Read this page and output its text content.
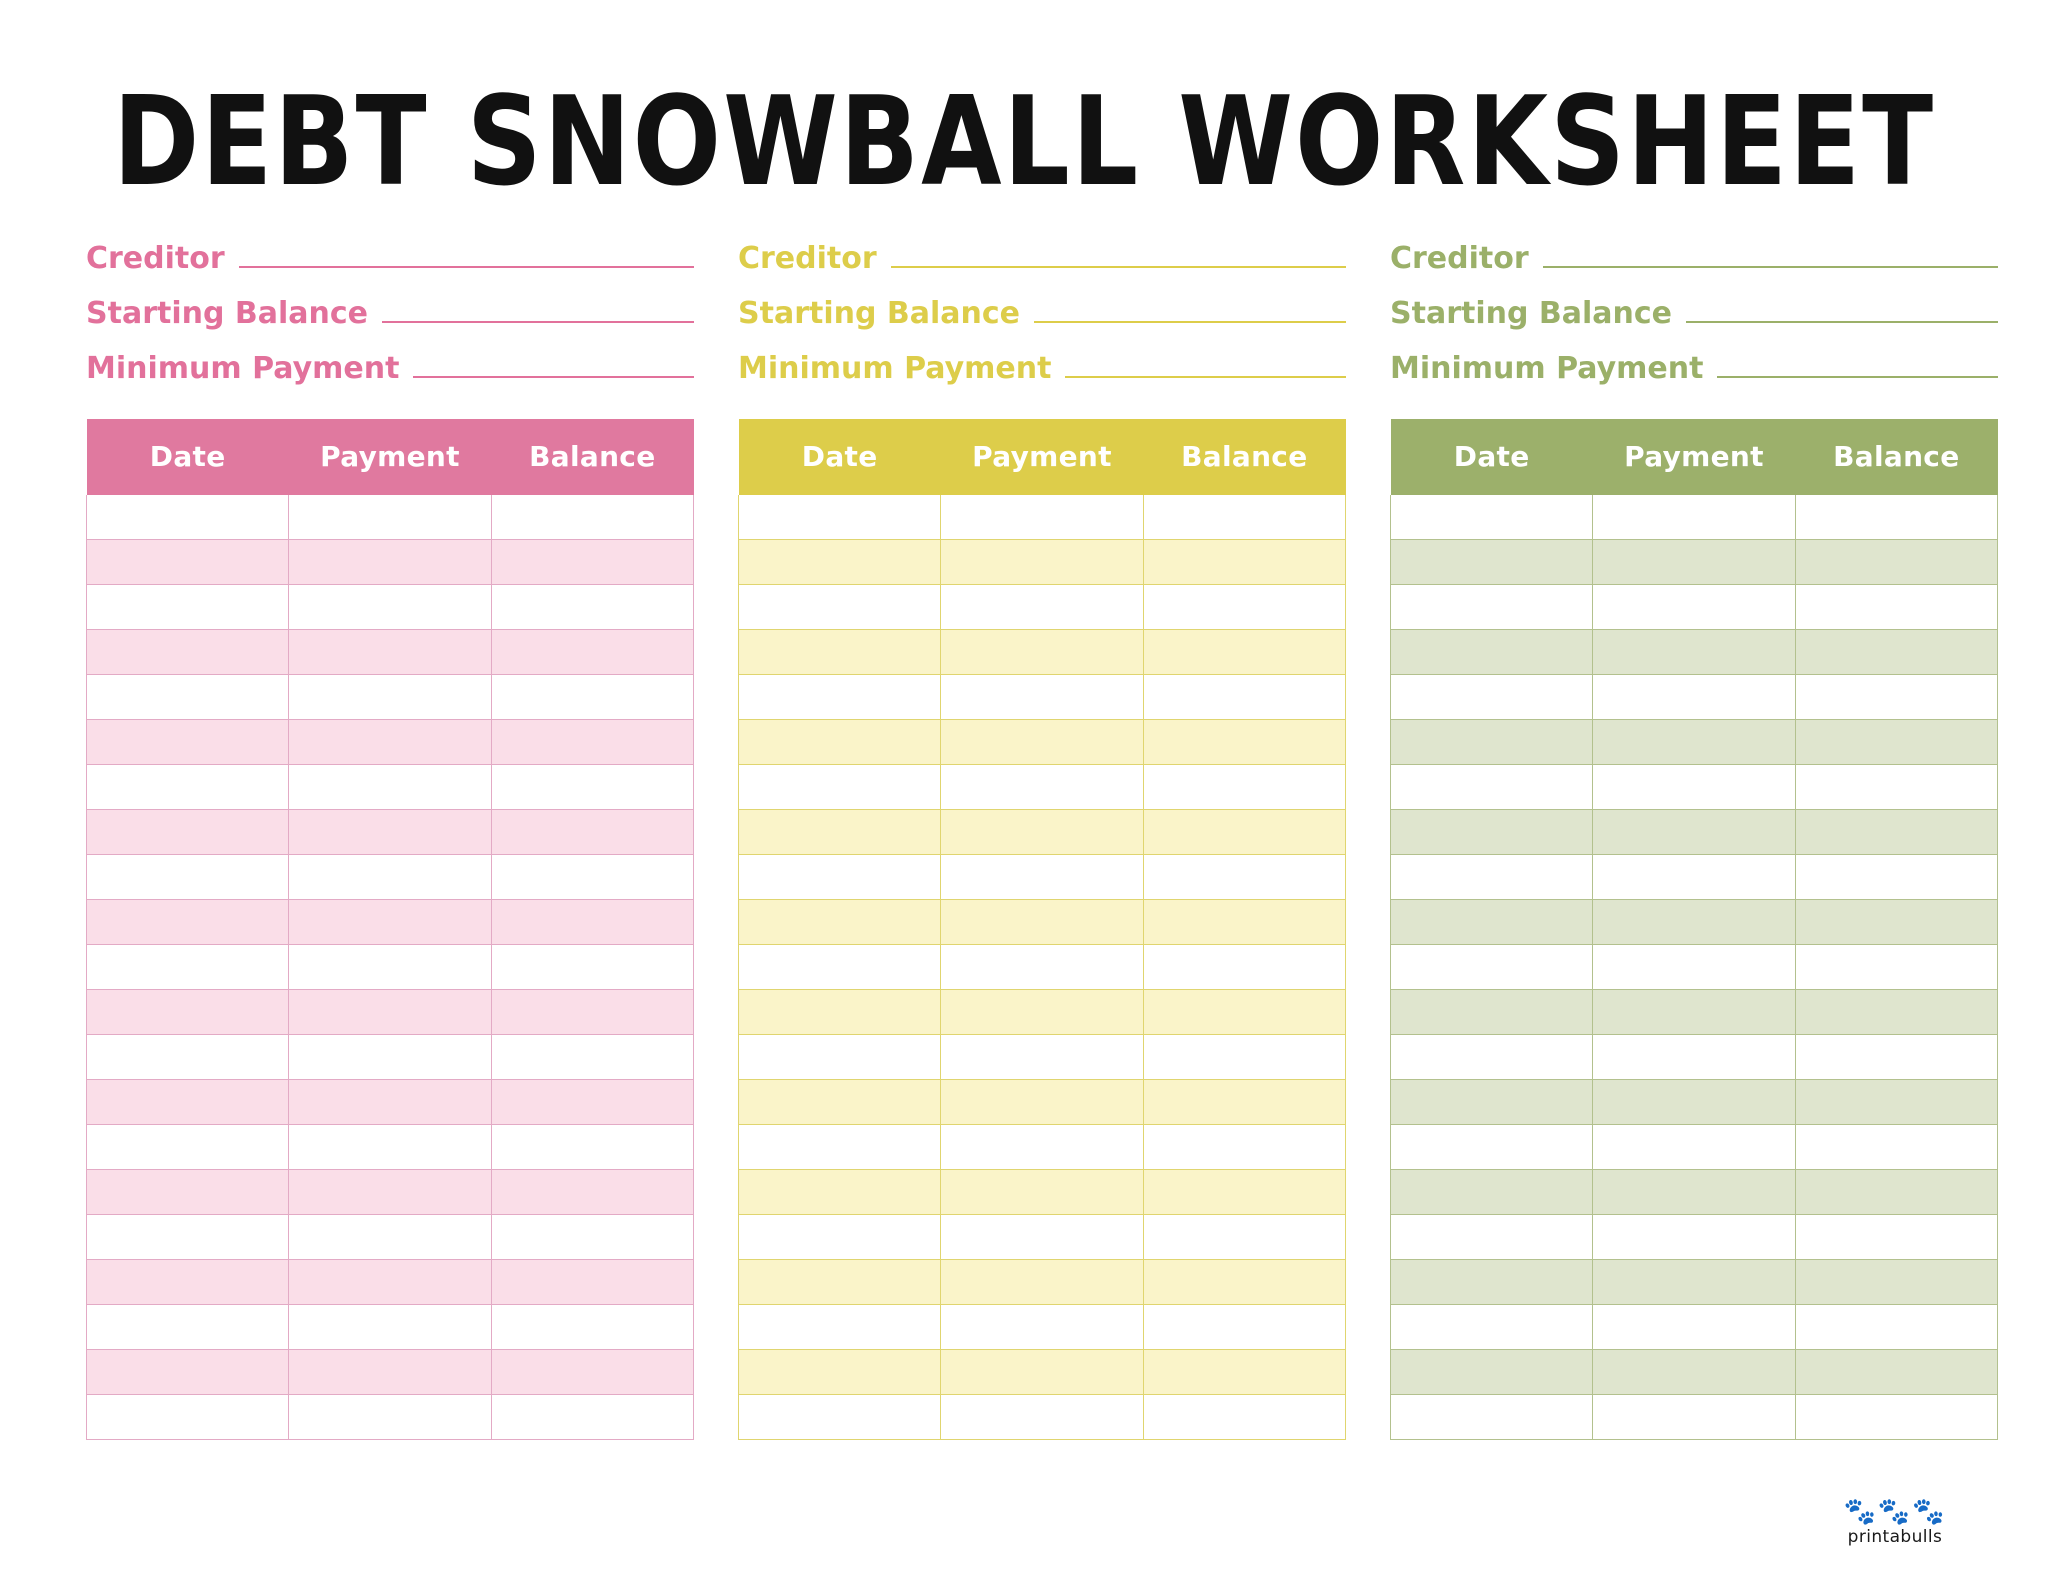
DEBT SNOWBALL WORKSHEET
Creditor
Starting Balance
Minimum Payment
Date	Payment	Balance

Creditor
Starting Balance
Minimum Payment
Date	Payment	Balance

Creditor
Starting Balance
Minimum Payment
Date	Payment	Balance

🐾🐾🐾
printabulls
